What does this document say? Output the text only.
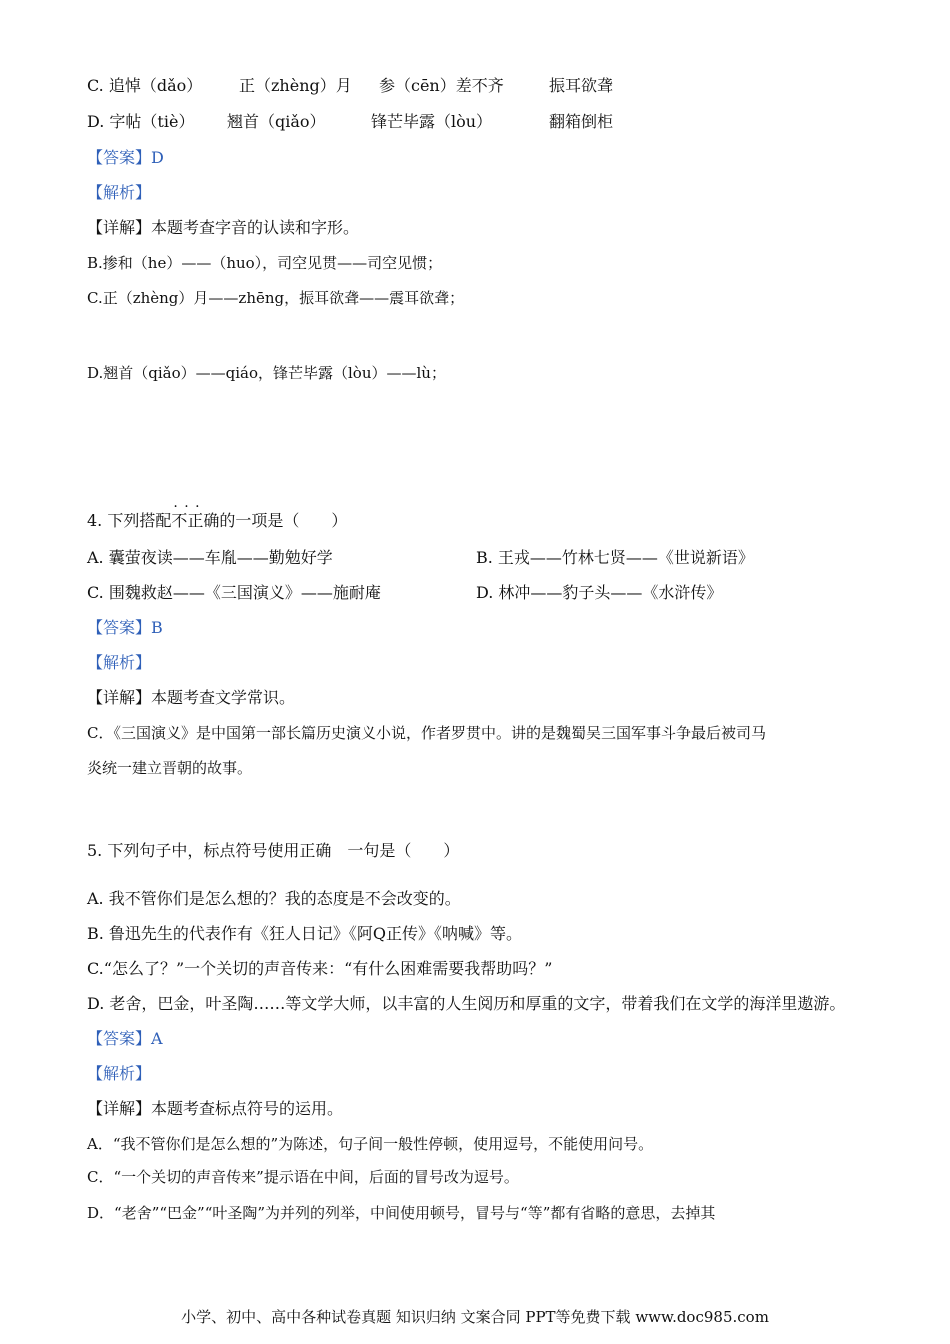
C. 追悼（dǎo） 正（zhèng）月 参（cēn）差不齐	振耳欲聋
D. 字帖（tiè） 翘首（qiǎo）	锋芒毕露（lòu）	翻箱倒柜
【答案】D
【解析】
【详解】本题考查字音的认读和字形。
B.掺和（he）——（huo），司空见贯——司空见惯；
C.正（zhèng）月——zhēng，振耳欲聋——震耳欲聋；
D.翘首（qiǎo）——qiáo，锋芒毕露（lòu）——lù；
4. 下列搭配· · · 不正确的一项是（　　）
A. 囊萤夜读——车胤——勤勉好学	B. 王戎——竹林七贤——《世说新语》
C. 围魏救赵——《三国演义》——施耐庵	D. 林冲——豹子头——《水浒传》
【答案】B
【解析】
【详解】本题考查文学常识。
C．《三国演义》是中国第一部长篇历史演义小说，作者罗贯中。讲的是魏蜀吴三国军事斗争最后被司马
炎统一建立晋朝的故事。
5. 下列句子中，标点符号使用正确　一句是（　　）
A. 我不管你们是怎么想的？我的态度是不会改变的。
B. 鲁迅先生的代表作有《狂人日记》《阿Q正传》《呐喊》等。
C.“怎么了？”一个关切的声音传来：“有什么困难需要我帮助吗？”
D. 老舍，巴金，叶圣陶……等文学大师，以丰富的人生阅历和厚重的文字，带着我们在文学的海洋里遨游。
【答案】A
【解析】
【详解】本题考查标点符号的运用。
A．“我不管你们是怎么想的”为陈述，句子间一般性停顿，使用逗号，不能使用问号。
C．“一个关切的声音传来”提示语在中间，后面的冒号改为逗号。
D．“老舍”“巴金”“叶圣陶”为并列的列举，中间使用顿号，冒号与“等”都有省略的意思，去掉其
小学、初中、高中各种试卷真题 知识归纳 文案合同 PPT等免费下载 www.doc985.com
